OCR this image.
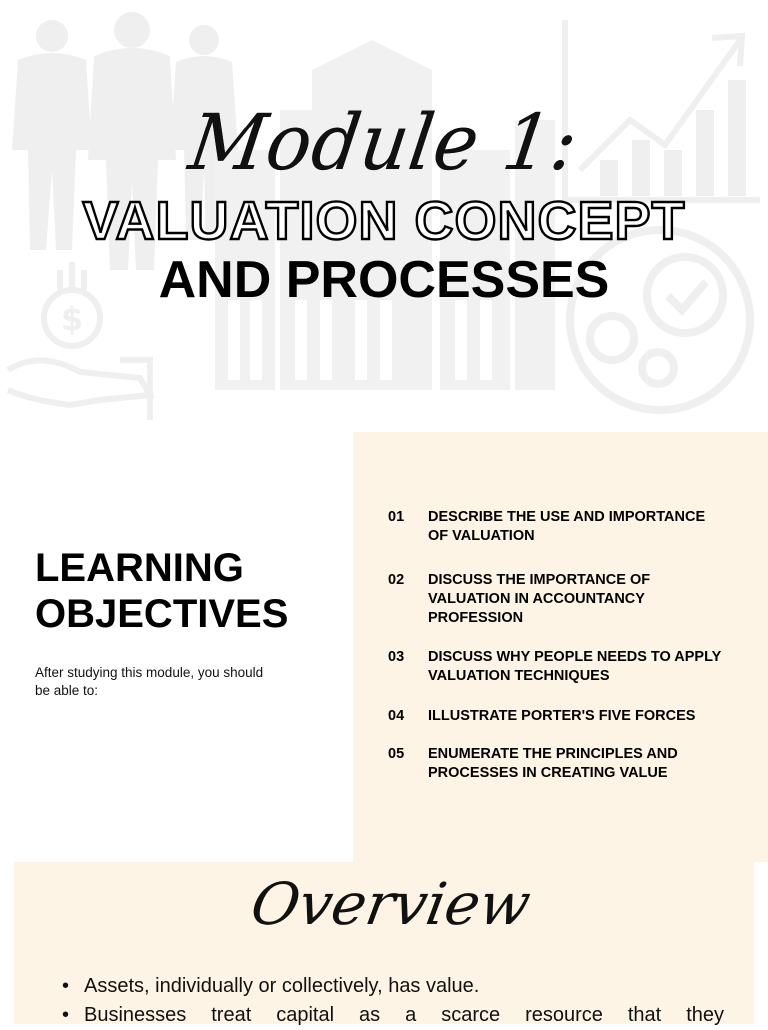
$
Module 1:
VALUATION CONCEPT
AND PROCESSES
LEARNING
OBJECTIVES
After studying this module, you should be able to:
01	DESCRIBE THE USE AND IMPORTANCE OF VALUATION
02	DISCUSS THE IMPORTANCE OF VALUATION IN ACCOUNTANCY PROFESSION
03	DISCUSS WHY PEOPLE NEEDS TO APPLY VALUATION TECHNIQUES
04	ILLUSTRATE PORTER'S FIVE FORCES
05	ENUMERATE THE PRINCIPLES AND PROCESSES IN CREATING VALUE
Overview
• Assets, individually or collectively, has value.
• Businesses treat capital as a scarce resource that they
